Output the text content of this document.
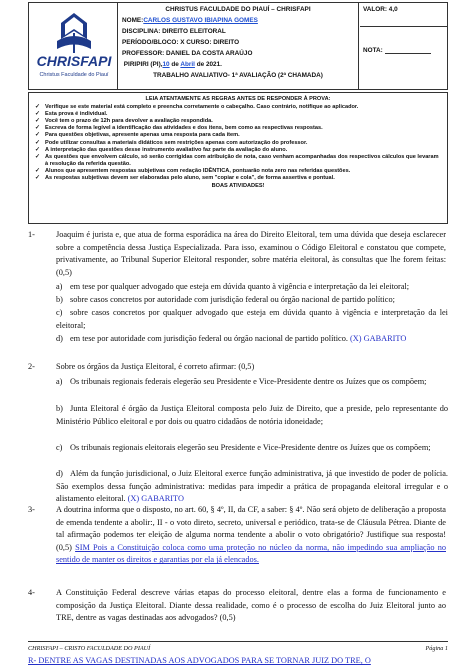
CHRISFAPI
Christus Faculdade do Piauí
CHRISTUS FACULDADE DO PIAUÍ – CHRISFAPI
NOME:CARLOS GUSTAVO IBIAPINA GOMES
DISCIPLINA: DIREITO ELEITORAL
PERÍODO/BLOCO: X CURSO: DIREITO
PROFESSOR: DANIEL DA COSTA ARAÚJO
PIRIPIRI (PI),10 de Abril de 2021.
TRABALHO AVALIATIVO- 1ª AVALIAÇÃO (2ª CHAMADA)
VALOR: 4,0
NOTA:
LEIA ATENTAMENTE AS REGRAS ANTES DE RESPONDER À PROVA:
✓ Verifique se este material está completo e preencha corretamente o cabeçalho. Caso contrário, notifique ao aplicador.
✓ Esta prova é individual.
✓ Você tem o prazo de 12h para devolver a avaliação respondida.
✓ Escreva de forma legível a identificação das atividades e dos itens, bem como as respectivas respostas.
✓ Para questões objetivas, apresente apenas uma resposta para cada item.
✓ Pode utilizar consultas a materiais didáticos sem restrições apenas com autorização do professor.
✓ A interpretação das questões desse instrumento avaliativo faz parte da avaliação do aluno.
✓ As questões que envolvem cálculo, só serão corrigidas com atribuição de nota, caso venham acompanhadas dos respectivos cálculos que levaram à resolução da referida questão.
✓ Alunos que apresentem respostas subjetivas com redação IDÊNTICA, pontuarão nota zero nas referidas questões.
✓ As respostas subjetivas devem ser elaboradas pelo aluno, sem "copiar e cola", de forma assertiva e pontual.
BOAS ATIVIDADES!
1-	Joaquim é jurista e, que atua de forma esporádica na área do Direito Eleitoral, tem uma dúvida que deseja esclarecer sobre a competência dessa Justiça Especializada. Para isso, examinou o Código Eleitoral e constatou que compete, privativamente, ao Tribunal Superior Eleitoral responder, sobre matéria eleitoral, às consultas que lhe forem feitas: (0,5)
a) em tese por qualquer advogado que esteja em dúvida quanto à vigência e interpretação da lei eleitoral;
b) sobre casos concretos por autoridade com jurisdição federal ou órgão nacional de partido político;
c) sobre casos concretos por qualquer advogado que esteja em dúvida quanto à vigência e interpretação da lei eleitoral;
d) em tese por autoridade com jurisdição federal ou órgão nacional de partido político. (X) GABARITO
2-	Sobre os órgãos da Justiça Eleitoral, é correto afirmar: (0,5)
a) Os tribunais regionais federais elegerão seu Presidente e Vice-Presidente dentre os Juízes que os compõem;
b) Junta Eleitoral é órgão da Justiça Eleitoral composta pelo Juiz de Direito, que a preside, pelo representante do Ministério Público eleitoral e por dois ou quatro cidadãos de notória idoneidade;
c) Os tribunais regionais eleitorais elegerão seu Presidente e Vice-Presidente dentre os Juízes que os compõem;
d) Além da função jurisdicional, o Juiz Eleitoral exerce função administrativa, já que investido de poder de polícia. São exemplos dessa função administrativa: medidas para impedir a prática de propaganda eleitoral irregular e o alistamento eleitoral. (X) GABARITO
3-	A doutrina informa que o disposto, no art. 60, § 4º, II, da CF, a saber: § 4º. Não será objeto de deliberação a proposta de emenda tendente a abolir:, II - o voto direto, secreto, universal e periódico, trata-se de Cláusula Pétrea. Diante de tal afirmação podemos ter eleição de alguma norma tendente a abolir o voto obrigatório? Justifique sua resposta! (0,5) SIM Pois a Constituição coloca como uma proteção no núcleo da norma, não impedindo sua ampliação no sentido de manter os direitos e garantias por ela já elencados.
4-	A Constituição Federal descreve várias etapas do processo eleitoral, dentre elas a forma de funcionamento e composição da Justiça Eleitoral. Diante dessa realidade, como é o processo de escolha do Juiz Eleitoral junto ao TRE, dentre as vagas destinadas aos advogados? (0,5)
CHRISFAPI – CRISTO FACULDADE DO PIAUÍ	Página 1
R- DENTRE AS VAGAS DESTINADAS AOS ADVOGADOS PARA SE TORNAR JUIZ DO TRE, O
